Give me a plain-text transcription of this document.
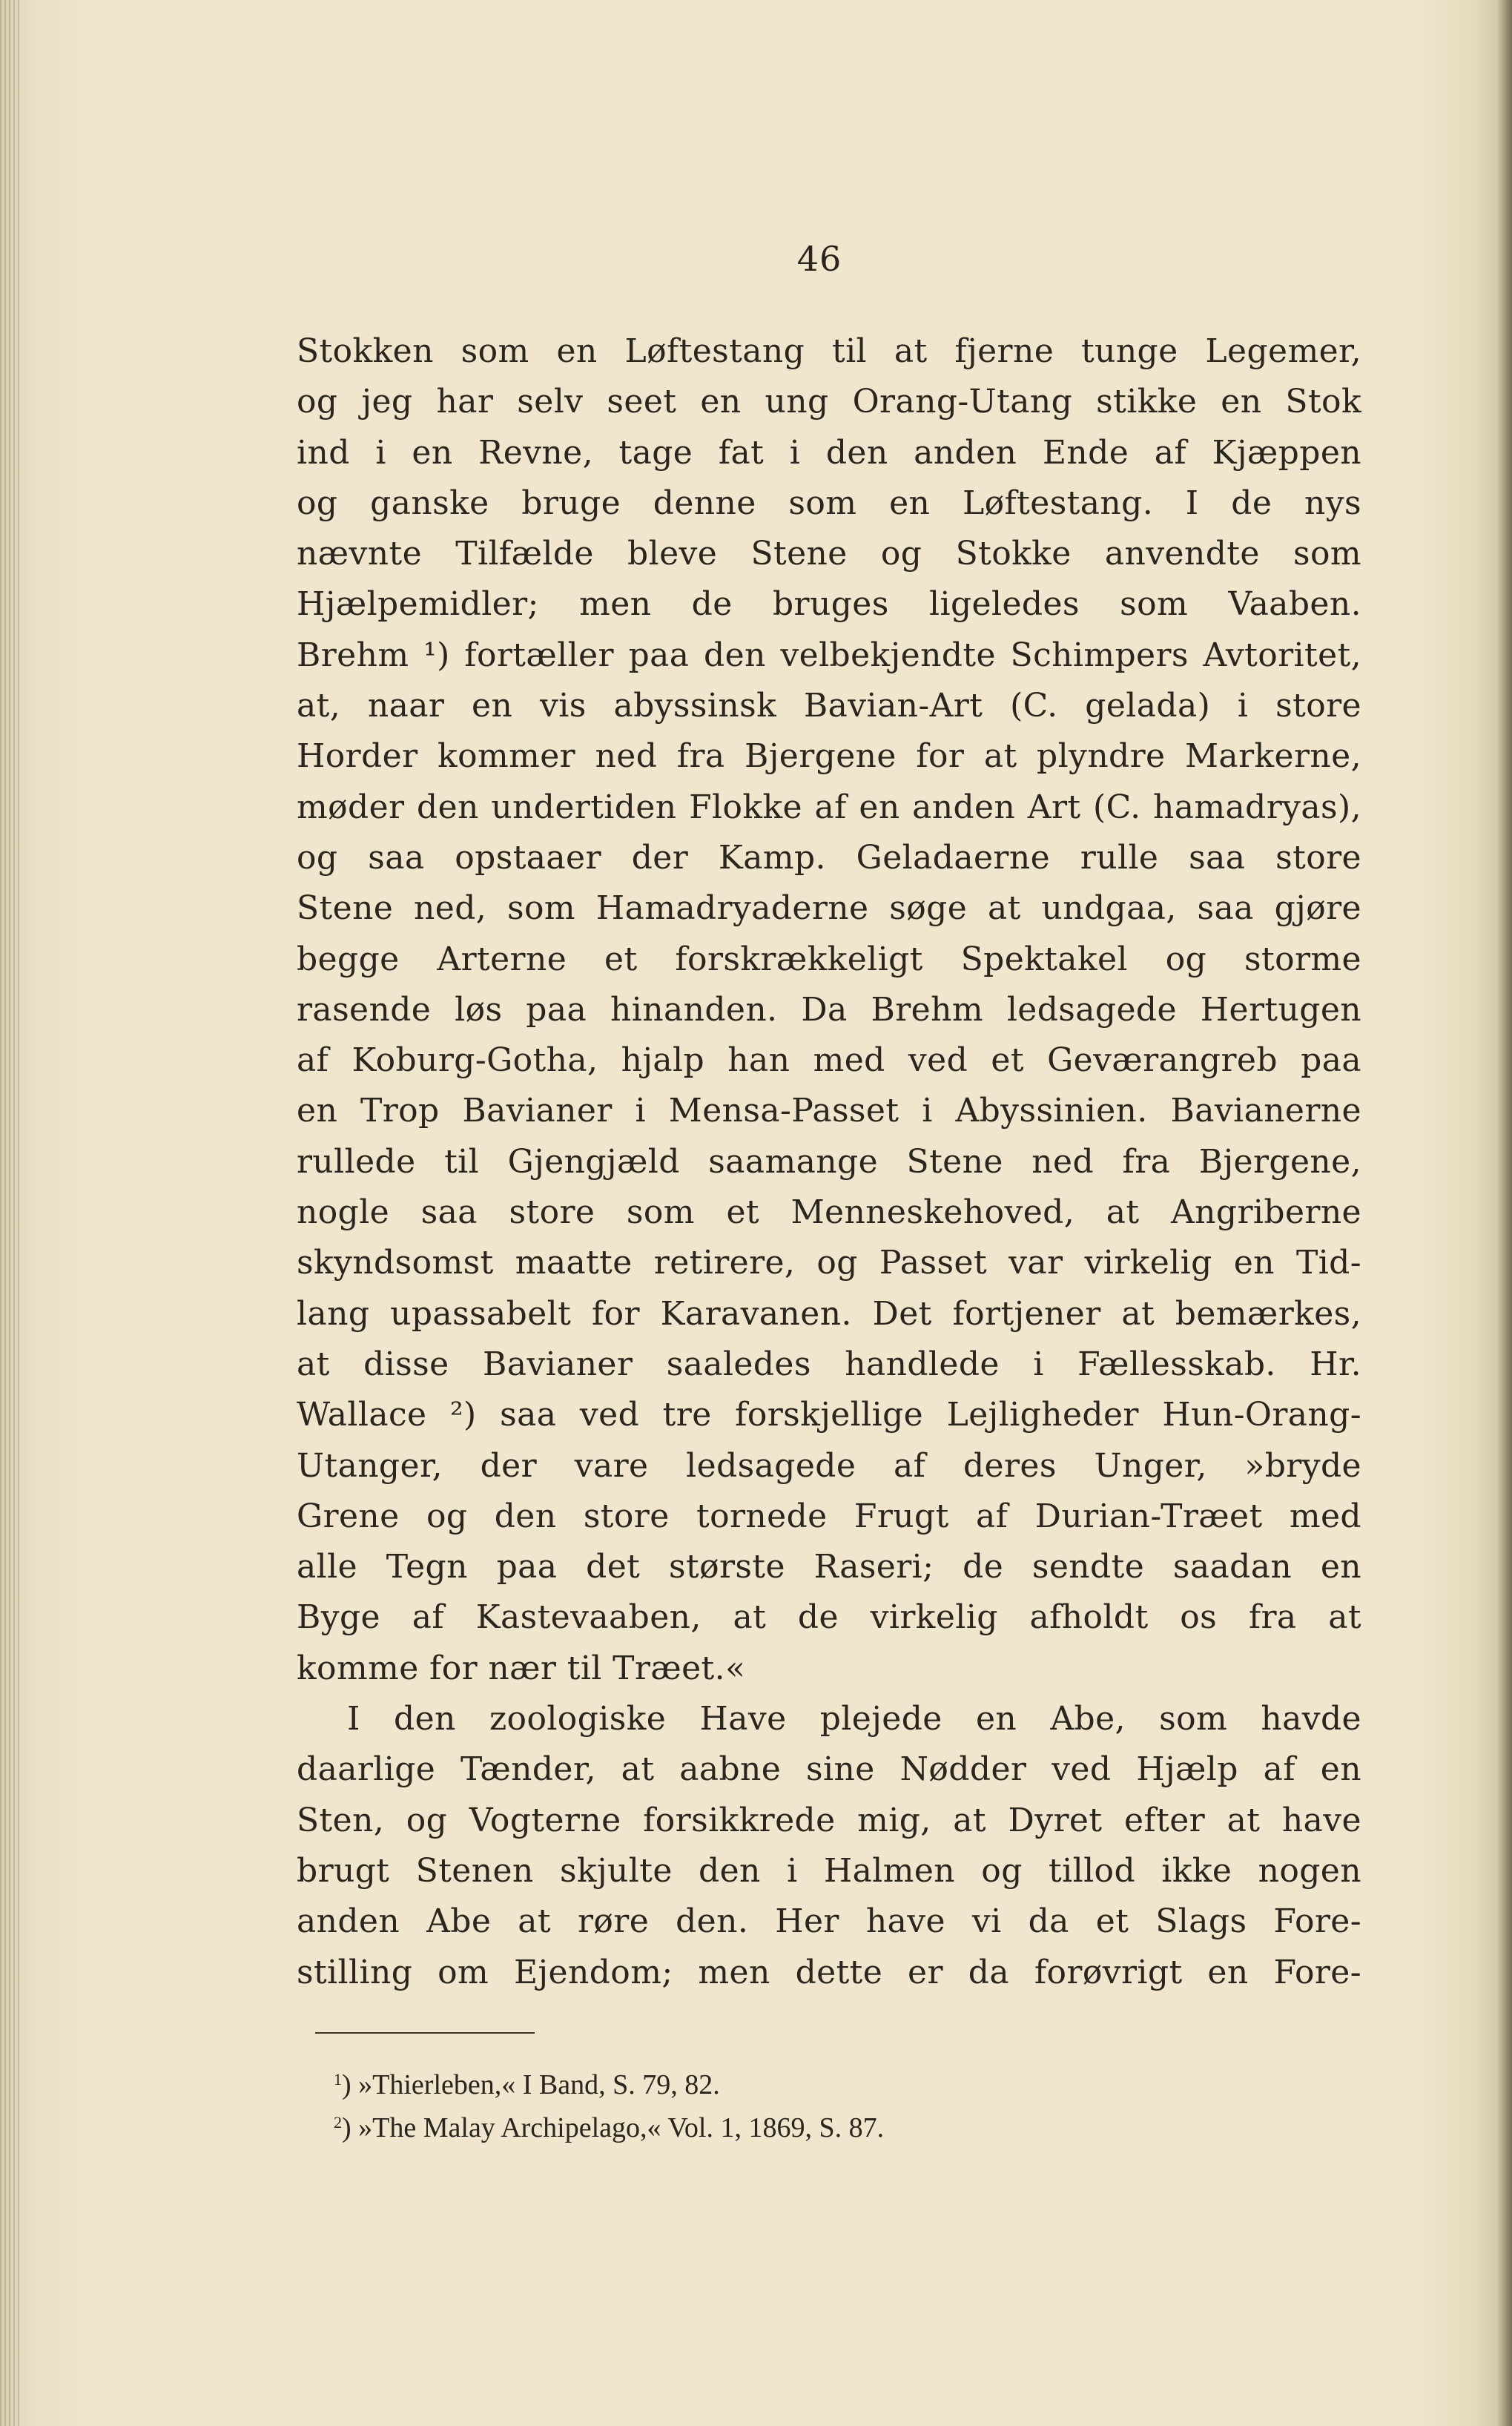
46
Stokken som en Løftestang til at fjerne tunge Legemer,
og jeg har selv seet en ung Orang-Utang stikke en Stok
ind i en Revne, tage fat i den anden Ende af Kjæppen
og ganske bruge denne som en Løftestang. I de nys
nævnte Tilfælde bleve Stene og Stokke anvendte som
Hjælpemidler; men de bruges ligeledes som Vaaben.
Brehm ¹) fortæller paa den velbekjendte Schimpers Avtoritet,
at, naar en vis abyssinsk Bavian-Art (C. gelada) i store
Horder kommer ned fra Bjergene for at plyndre Markerne,
møder den undertiden Flokke af en anden Art (C. hamadryas),
og saa opstaaer der Kamp. Geladaerne rulle saa store
Stene ned, som Hamadryaderne søge at undgaa, saa gjøre
begge Arterne et forskrækkeligt Spektakel og storme
rasende løs paa hinanden. Da Brehm ledsagede Hertugen
af Koburg-Gotha, hjalp han med ved et Geværangreb paa
en Trop Bavianer i Mensa-Passet i Abyssinien. Bavianerne
rullede til Gjengjæld saamange Stene ned fra Bjergene,
nogle saa store som et Menneskehoved, at Angriberne
skyndsomst maatte retirere, og Passet var virkelig en Tid-
lang upassabelt for Karavanen. Det fortjener at bemærkes,
at disse Bavianer saaledes handlede i Fællesskab. Hr.
Wallace ²) saa ved tre forskjellige Lejligheder Hun-Orang-
Utanger, der vare ledsagede af deres Unger, »bryde
Grene og den store tornede Frugt af Durian-Træet med
alle Tegn paa det største Raseri; de sendte saadan en
Byge af Kastevaaben, at de virkelig afholdt os fra at
komme for nær til Træet.«
I den zoologiske Have plejede en Abe, som havde
daarlige Tænder, at aabne sine Nødder ved Hjælp af en
Sten, og Vogterne forsikkrede mig, at Dyret efter at have
brugt Stenen skjulte den i Halmen og tillod ikke nogen
anden Abe at røre den. Her have vi da et Slags Fore-
stilling om Ejendom; men dette er da forøvrigt en Fore-
$^1$) »Thierleben,« I Band, S. 79, 82.
$^2$) »The Malay Archipelago,« Vol. 1, 1869, S. 87.
